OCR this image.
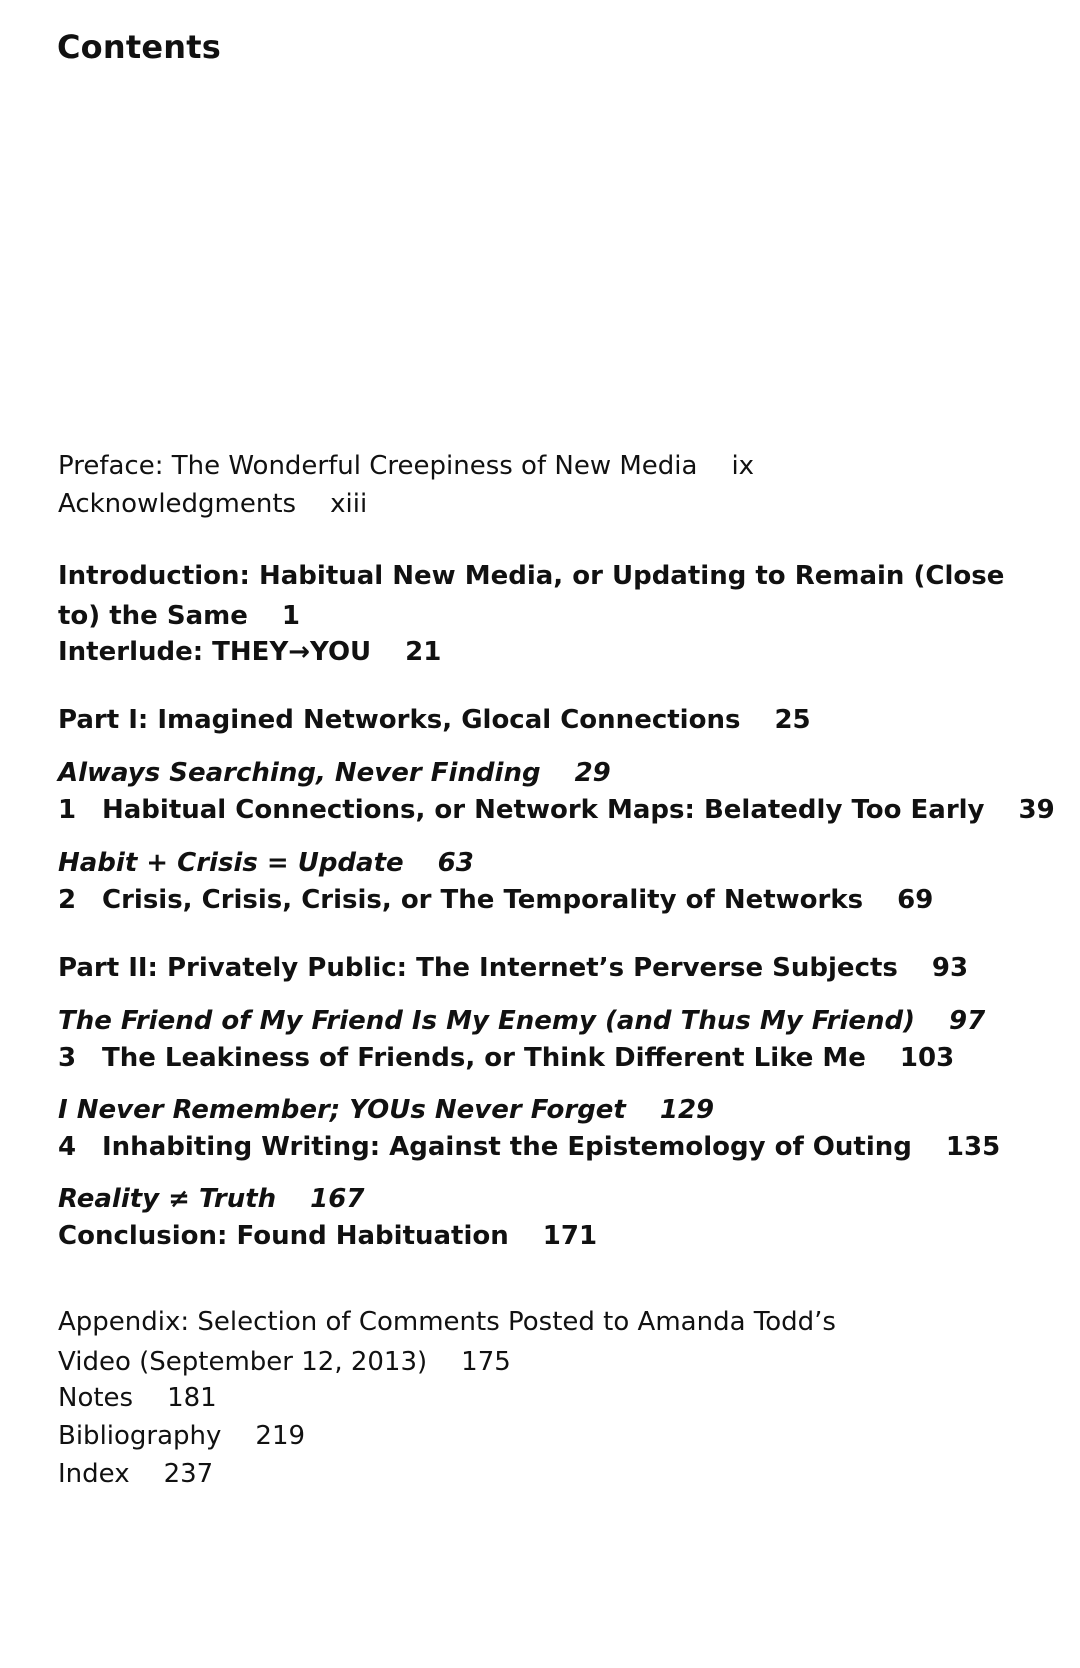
Contents
Preface: The Wonderful Creepiness of New Media ix
Acknowledgments xiii
Introduction: Habitual New Media, or Updating to Remain (Close to) the Same 1
Interlude: THEY→YOU 21
Part I: Imagined Networks, Glocal Connections 25
Always Searching, Never Finding 29
1 Habitual Connections, or Network Maps: Belatedly Too Early 39
Habit + Crisis = Update 63
2 Crisis, Crisis, Crisis, or The Temporality of Networks 69
Part II: Privately Public: The Internet’s Perverse Subjects 93
The Friend of My Friend Is My Enemy (and Thus My Friend) 97
3 The Leakiness of Friends, or Think Different Like Me 103
I Never Remember; YOUs Never Forget 129
4 Inhabiting Writing: Against the Epistemology of Outing 135
Reality ≠ Truth 167
Conclusion: Found Habituation 171
Appendix: Selection of Comments Posted to Amanda Todd’s Video (September 12, 2013) 175
Notes 181
Bibliography 219
Index 237
